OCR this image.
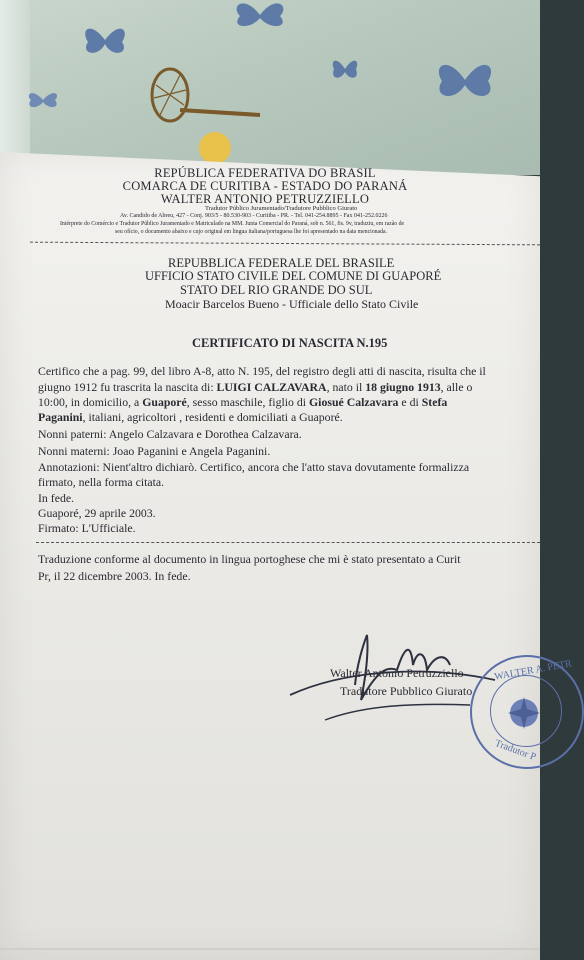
REPÚBLICA FEDERATIVA DO BRASIL
COMARCA DE CURITIBA - ESTADO DO PARANÁ
WALTER ANTONIO PETRUZZIELLO
Tradutor Público Juramentado/Tradutore Pubblico Giurato
Av. Candido de Abreu, 427 - Conj. 903/5 - 80.530-903 - Curitiba - PR. - Tel. 041-254.8895 - Fax 041-252.0226
Intérprete do Comércio e Tradutor Público Juramentado e Matriculado na MM. Junta Comercial do Paraná, sob n. 561, fis. 9v, traduziu, em razão de
seu ofício, o documento abaixo e cujo original em lingua italiana/portuguesa lhe foi apresentado na data mencionada.
REPUBBLICA FEDERALE DEL BRASILE
UFFICIO STATO CIVILE DEL COMUNE DI GUAPORÉ
STATO DEL RIO GRANDE DO SUL
Moacir Barcelos Bueno - Ufficiale dello Stato Civile
CERTIFICATO DI NASCITA N.195
Certifico che a pag. 99, del libro A-8, atto N. 195, del registro degli atti di nascita, risulta che il
giugno 1912 fu trascrita la nascita di: LUIGI CALZAVARA, nato il 18 giugno 1913, alle o
10:00, in domicilio, a Guaporé, sesso maschile, figlio di Giosué Calzavara e di Stefa
Paganini, italiani, agricoltori , residenti e domiciliati a Guaporé.
Nonni paterni: Angelo Calzavara e Dorothea Calzavara.
Nonni materni: Joao Paganini e Angela Paganini.
Annotazioni: Nient'altro dichiarò. Certifico, ancora che l'atto stava dovutamente formalizza
firmato, nella forma citata.
In fede.
Guaporé, 29 aprile 2003.
Firmato: L'Ufficiale.
Traduzione conforme al documento in lingua portoghese che mi è stato presentato a Curit
Pr, il 22 dicembre 2003. In fede.
Walter Antonio Petruzziello
Tradutore Pubblico Giurato
WALTER A. PETR
Tradutor P
